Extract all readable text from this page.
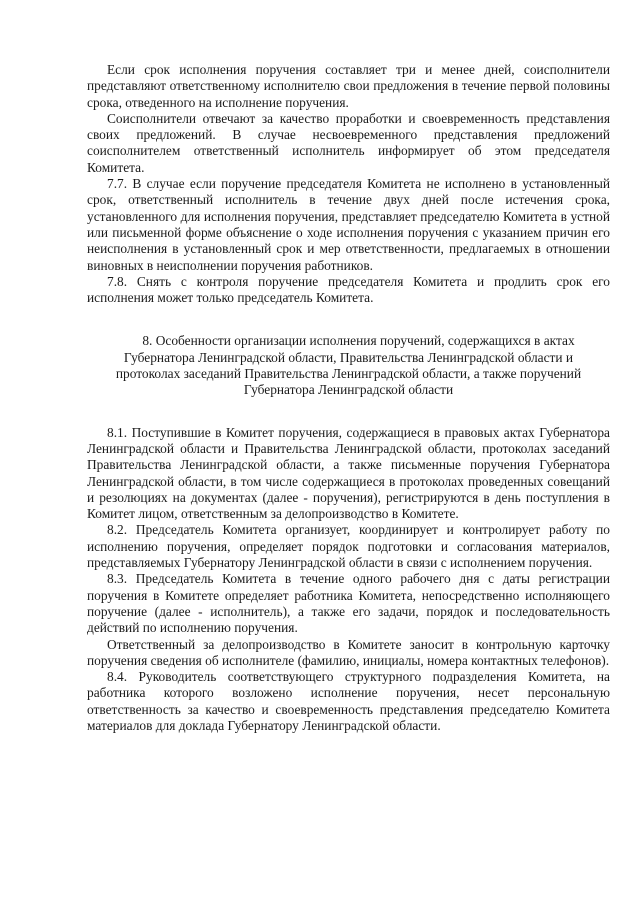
Если срок исполнения поручения составляет три и менее дней, соисполнители представляют ответственному исполнителю свои предложения в течение первой половины срока, отведенного на исполнение поручения.

Соисполнители отвечают за качество проработки и своевременность представления своих предложений. В случае несвоевременного представления предложений соисполнителем ответственный исполнитель информирует об этом председателя Комитета.

7.7. В случае если поручение председателя Комитета не исполнено в установленный срок, ответственный исполнитель в течение двух дней после истечения срока, установленного для исполнения поручения, представляет председателю Комитета в устной или письменной форме объяснение о ходе исполнения поручения с указанием причин его неисполнения в установленный срок и мер ответственности, предлагаемых в отношении виновных в неисполнении поручения работников.

7.8. Снять с контроля поручение председателя Комитета и продлить срок его исполнения может только председатель Комитета.

8. Особенности организации исполнения поручений, содержащихся в актах Губернатора Ленинградской области, Правительства Ленинградской области и протоколах заседаний Правительства Ленинградской области, а также поручений Губернатора Ленинградской области

8.1. Поступившие в Комитет поручения, содержащиеся в правовых актах Губернатора Ленинградской области и Правительства Ленинградской области, протоколах заседаний Правительства Ленинградской области, а также письменные поручения Губернатора Ленинградской области, в том числе содержащиеся в протоколах проведенных совещаний и резолюциях на документах (далее - поручения), регистрируются в день поступления в Комитет лицом, ответственным за делопроизводство в Комитете.

8.2. Председатель Комитета организует, координирует и контролирует работу по исполнению поручения, определяет порядок подготовки и согласования материалов, представляемых Губернатору Ленинградской области в связи с исполнением поручения.

8.3. Председатель Комитета в течение одного рабочего дня с даты регистрации поручения в Комитете определяет работника Комитета, непосредственно исполняющего поручение (далее - исполнитель), а также его задачи, порядок и последовательность действий по исполнению поручения.

Ответственный за делопроизводство в Комитете заносит в контрольную карточку поручения сведения об исполнителе (фамилию, инициалы, номера контактных телефонов).

8.4. Руководитель соответствующего структурного подразделения Комитета, на работника которого возложено исполнение поручения, несет персональную ответственность за качество и своевременность представления председателю Комитета материалов для доклада Губернатору Ленинградской области.
